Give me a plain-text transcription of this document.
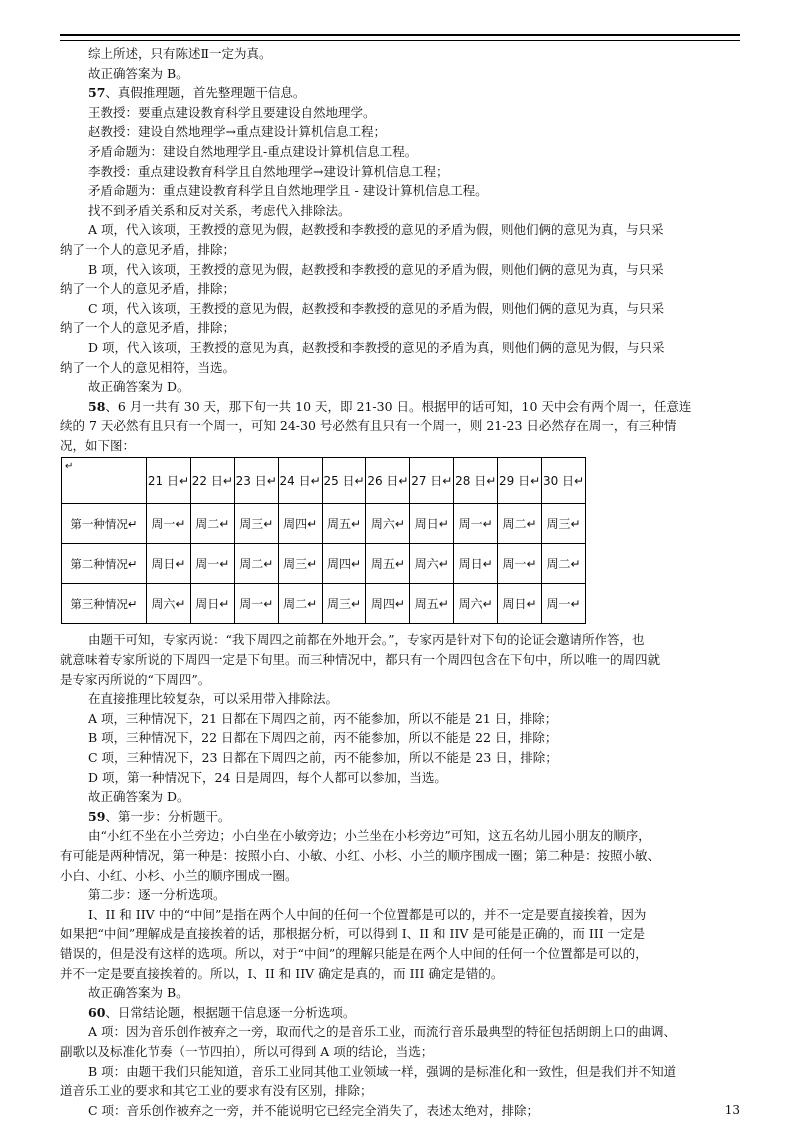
综上所述，只有陈述Ⅱ一定为真。
故正确答案为 B。
57、真假推理题，首先整理题干信息。
王教授：要重点建设教育科学且要建设自然地理学。
赵教授：建设自然地理学→重点建设计算机信息工程；
矛盾命题为：建设自然地理学且-重点建设计算机信息工程。
李教授：重点建设教育科学且自然地理学→建设计算机信息工程；
矛盾命题为：重点建设教育科学且自然地理学且 - 建设计算机信息工程。
找不到矛盾关系和反对关系，考虑代入排除法。
A 项，代入该项，王教授的意见为假，赵教授和李教授的意见的矛盾为假，则他们俩的意见为真，与只采
纳了一个人的意见矛盾，排除；
B 项，代入该项，王教授的意见为假，赵教授和李教授的意见的矛盾为假，则他们俩的意见为真，与只采
纳了一个人的意见矛盾，排除；
C 项，代入该项，王教授的意见为假，赵教授和李教授的意见的矛盾为假，则他们俩的意见为真，与只采
纳了一个人的意见矛盾，排除；
D 项，代入该项，王教授的意见为真，赵教授和李教授的意见的矛盾为真，则他们俩的意见为假，与只采
纳了一个人的意见相符，当选。
故正确答案为 D。
58、6 月一共有 30 天，那下旬一共 10 天，即 21-30 日。根据甲的话可知，10 天中会有两个周一，任意连
续的 7 天必然有且只有一个周一，可知 24-30 号必然有且只有一个周一，则 21-23 日必然存在周一，有三种情
况，如下图：
↵	21 日↵	22 日↵	23 日↵	24 日↵	25 日↵	26 日↵	27 日↵	28 日↵	29 日↵	30 日↵
第一种情况↵	周一↵	周二↵	周三↵	周四↵	周五↵	周六↵	周日↵	周一↵	周二↵	周三↵
第二种情况↵	周日↵	周一↵	周二↵	周三↵	周四↵	周五↵	周六↵	周日↵	周一↵	周二↵
第三种情况↵	周六↵	周日↵	周一↵	周二↵	周三↵	周四↵	周五↵	周六↵	周日↵	周一↵
由题干可知，专家丙说：“我下周四之前都在外地开会。”，专家丙是针对下旬的论证会邀请所作答，也
就意味着专家所说的下周四一定是下旬里。而三种情况中，都只有一个周四包含在下旬中，所以唯一的周四就
是专家丙所说的“下周四”。
在直接推理比较复杂，可以采用带入排除法。
A 项，三种情况下，21 日都在下周四之前，丙不能参加，所以不能是 21 日，排除；
B 项，三种情况下，22 日都在下周四之前，丙不能参加，所以不能是 22 日，排除；
C 项，三种情况下，23 日都在下周四之前，丙不能参加，所以不能是 23 日，排除；
D 项，第一种情况下，24 日是周四，每个人都可以参加，当选。
故正确答案为 D。
59、第一步：分析题干。
由“小红不坐在小兰旁边；小白坐在小敏旁边；小兰坐在小杉旁边”可知，这五名幼儿园小朋友的顺序，
有可能是两种情况，第一种是：按照小白、小敏、小红、小杉、小兰的顺序围成一圈；第二种是：按照小敏、
小白、小红、小杉、小兰的顺序围成一圈。
第二步：逐一分析选项。
I、II 和 IIV 中的“中间”是指在两个人中间的任何一个位置都是可以的，并不一定是要直接挨着，因为
如果把“中间”理解成是直接挨着的话，那根据分析，可以得到 I、II 和 IIV 是可能是正确的，而 III 一定是
错误的，但是没有这样的选项。所以，对于“中间”的理解只能是在两个人中间的任何一个位置都是可以的，
并不一定是要直接挨着的。所以，I、II 和 IIV 确定是真的，而 III 确定是错的。
故正确答案为 B。
60、日常结论题，根据题干信息逐一分析选项。
A 项：因为音乐创作被弃之一旁，取而代之的是音乐工业，而流行音乐最典型的特征包括朗朗上口的曲调、
副歌以及标准化节奏（一节四拍），所以可得到 A 项的结论，当选；
B 项：由题干我们只能知道，音乐工业同其他工业领域一样，强调的是标准化和一致性，但是我们并不知道
道音乐工业的要求和其它工业的要求有没有区别，排除；
C 项：音乐创作被弃之一旁，并不能说明它已经完全消失了，表述太绝对，排除；	13
